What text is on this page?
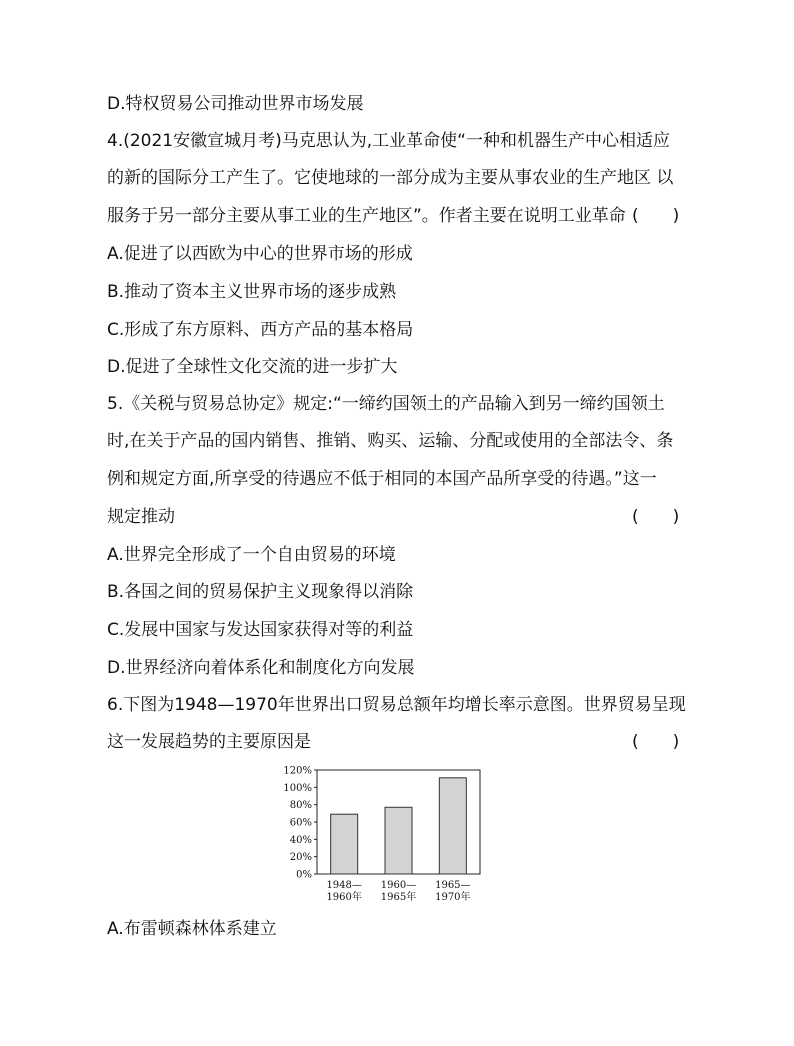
D.特权贸易公司推动世界市场发展
4.(2021安徽宣城月考)马克思认为,工业革命使“一种和机器生产中心相适应
的新的国际分工产生了。它使地球的一部分成为主要从事农业的生产地区 以
服务于另一部分主要从事工业的生产地区”。作者主要在说明工业革命 (　　)
A.促进了以西欧为中心的世界市场的形成
B.推动了资本主义世界市场的逐步成熟
C.形成了东方原料、西方产品的基本格局
D.促进了全球性文化交流的进一步扩大
5.《关税与贸易总协定》规定:“一缔约国领土的产品输入到另一缔约国领土
时,在关于产品的国内销售、推销、购买、运输、分配或使用的全部法令、条
例和规定方面,所享受的待遇应不低于相同的本国产品所享受的待遇。”这一
规定推动	(　　)
A.世界完全形成了一个自由贸易的环境
B.各国之间的贸易保护主义现象得以消除
C.发展中国家与发达国家获得对等的利益
D.世界经济向着体系化和制度化方向发展
6.下图为1948—1970年世界出口贸易总额年均增长率示意图。世界贸易呈现
这一发展趋势的主要原因是	(　　)
0%
20%
40%
60%
80%
100%
120%
1948—
1960年
1960—
1965年
1965—
1970年
A.布雷顿森林体系建立
